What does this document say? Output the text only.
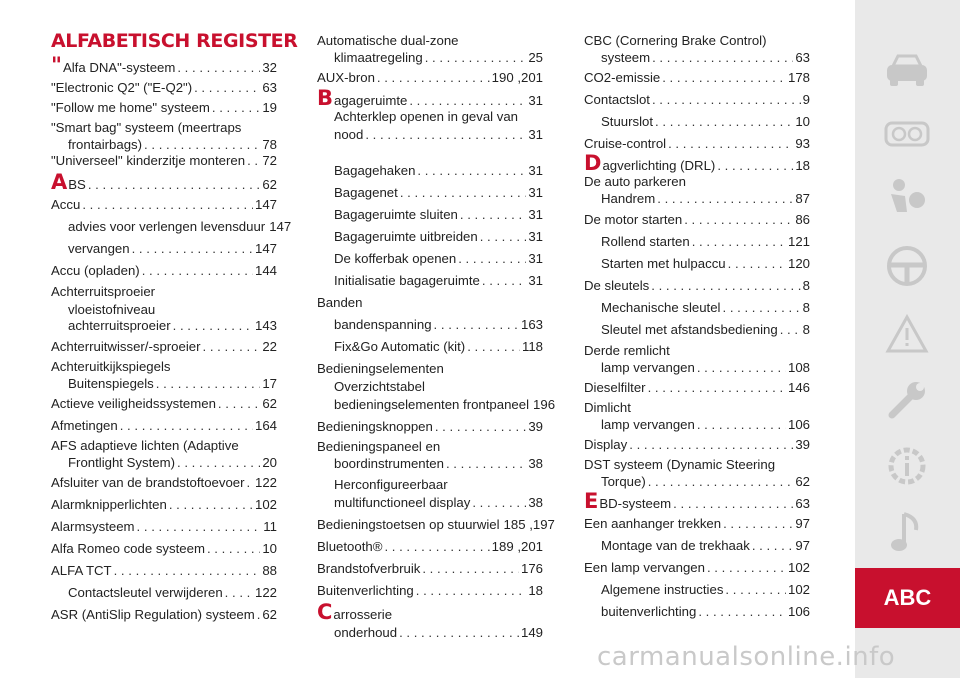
ALFABETISCH REGISTER
" Alfa DNA"-systeem . . .	32
"Electronic Q2" ("E-Q2") . . .	63
"Follow me home" systeem . . .	19
"Smart bag" systeem (meertraps
frontairbags) . . .	78
"Universeel" kinderzitje monteren . . . 72
A BS . . .	62
Accu . . .	147
advies voor verlengen levensduur 147
vervangen . . .	147
Accu (opladen) . . .	144
Achterruitsproeier
vloeistofniveau
achterruitsproeier . . .	143
Achterruitwisser/-sproeier . . .	22
Achteruitkijkspiegels
Buitenspiegels . . .	17
Actieve veiligheidssystemen . . .	62
Afmetingen . . .	164
AFS adaptieve lichten (Adaptive
Frontlight System) . . .	20
Afsluiter van de brandstoftoevoer . . . 122
Alarmknipperlichten . . .	102
Alarmsysteem . . .	11
Alfa Romeo code systeem . . .	10
ALFA TCT . . .	88
Contactsleutel verwijderen . . . 122
ASR (AntiSlip Regulation) systeem . . . 62
Automatische dual-zone
klimaatregeling . . .	25
AUX-bron . . .	190 ,201
B agageruimte . . .	31
Achterklep openen in geval van
nood . . .	31
Bagagehaken . . .	31
Bagagenet . . .	31
Bagageruimte sluiten . . .	31
Bagageruimte uitbreiden . . .	31
De kofferbak openen . . .	31
Initialisatie bagageruimte . . .	31
Banden
bandenspanning . . .	163
Fix&Go Automatic (kit) . . .	118
Bedieningselementen
Overzichtstabel
bedieningselementen frontpaneel 196
Bedieningsknoppen . . .	39
Bedieningspaneel en
boordinstrumenten . . .	38
Herconfigureerbaar
multifunctioneel display . . .	38
Bedieningstoetsen op stuurwiel 185 ,197
Bluetooth® . . .	189 ,201
Brandstofverbruik . . .	176
Buitenverlichting . . .	18
C arrosserie
onderhoud . . .	149
CBC (Cornering Brake Control)
systeem . . .	63
CO2-emissie . . .	178
Contactslot . . .	9
Stuurslot . . .	10
Cruise-control . . .	93
D agverlichting (DRL) . . .	18
De auto parkeren
Handrem . . .	87
De motor starten . . .	86
Rollend starten . . .	121
Starten met hulpaccu . . .	120
De sleutels . . .	8
Mechanische sleutel . . .	8
Sleutel met afstandsbediening . . . 8
Derde remlicht
lamp vervangen . . .	108
Dieselfilter . . .	146
Dimlicht
lamp vervangen . . .	106
Display . . .	39
DST systeem (Dynamic Steering
Torque) . . .	62
E BD-systeem . . .	63
Een aanhanger trekken . . .	97
Montage van de trekhaak . . .	97
Een lamp vervangen . . .	102
Algemene instructies . . .	102
buitenverlichting . . .	106
ABC
carmanualsonline.info
